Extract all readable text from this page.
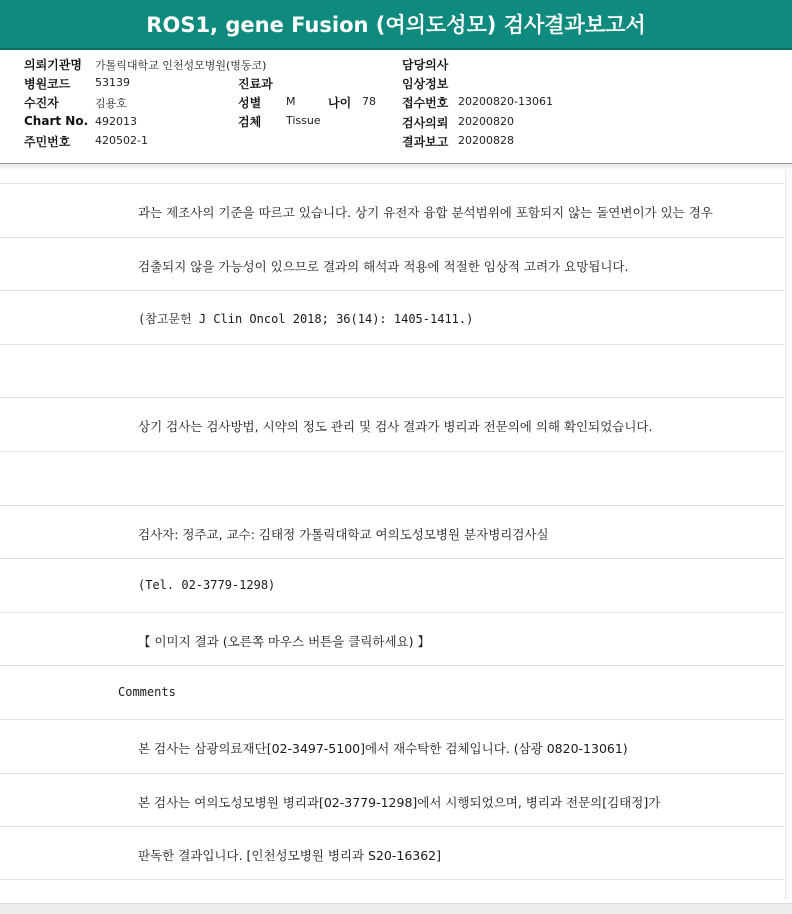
ROS1, gene Fusion (여의도성모) 검사결과보고서
의뢰기관명 가톨릭대학교 인천성모병원(병동코)
병원코드 53139
수진자	김용호
Chart No. 492013
주민번호 420502-1
진료과
성별 M	나이 78
검체 Tissue
담당의사
임상정보
접수번호 20200820-13061
검사의뢰 20200820
결과보고 20200828
과는 제조사의 기준을 따르고 있습니다. 상기 유전자 융합 분석범위에 포함되지 않는 돌연변이가 있는 경우
검출되지 않을 가능성이 있으므로 결과의 해석과 적용에 적절한 임상적 고려가 요망됩니다.
(참고문헌 J Clin Oncol 2018; 36(14): 1405-1411.)
상기 검사는 검사방법, 시약의 정도 관리 및 검사 결과가 병리과 전문의에 의해 확인되었습니다.
검사자: 정주교, 교수: 김태정 가톨릭대학교 여의도성모병원 분자병리검사실
(Tel. 02-3779-1298)
【 이미지 결과 (오른쪽 마우스 버튼을 클릭하세요) 】
Comments
본 검사는 삼광의료재단[02-3497-5100]에서 재수탁한 검체입니다. (삼광 0820-13061)
본 검사는 여의도성모병원 병리과[02-3779-1298]에서 시행되었으며, 병리과 전문의[김태정]가
판독한 결과입니다. [인천성모병원 병리과 S20-16362]
